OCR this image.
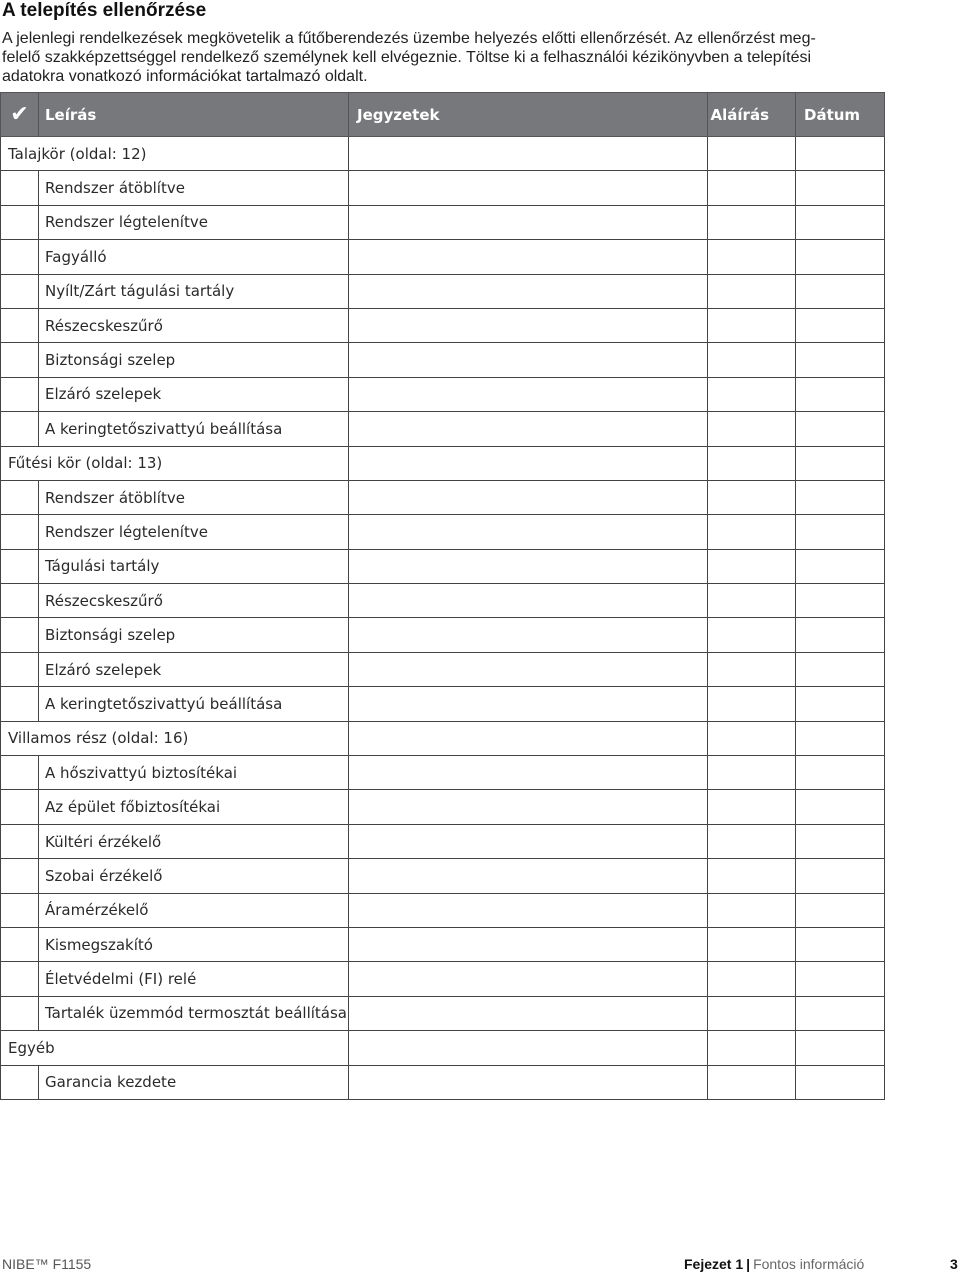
A telepítés ellenőrzése
A jelenlegi rendelkezések megkövetelik a fűtőberendezés üzembe helyezés előtti ellenőrzését. Az ellenőrzést meg-
felelő szakképzettséggel rendelkező személynek kell elvégeznie. Töltse ki a felhasználói kézikönyvben a telepítési
adatokra vonatkozó információkat tartalmazó oldalt.
✔	Leírás	Jegyzetek	Aláírás	Dátum
Talajkör (oldal: 12)				
	Rendszer átöblítve			
	Rendszer légtelenítve			
	Fagyálló			
	Nyílt/Zárt tágulási tartály			
	Részecskeszűrő			
	Biztonsági szelep			
	Elzáró szelepek			
	A keringtetőszivattyú beállítása			
Fűtési kör (oldal: 13)				
	Rendszer átöblítve			
	Rendszer légtelenítve			
	Tágulási tartály			
	Részecskeszűrő			
	Biztonsági szelep			
	Elzáró szelepek			
	A keringtetőszivattyú beállítása			
Villamos rész (oldal: 16)				
	A hőszivattyú biztosítékai			
	Az épület főbiztosítékai			
	Kültéri érzékelő			
	Szobai érzékelő			
	Áramérzékelő			
	Kismegszakító			
	Életvédelmi (FI) relé			
	Tartalék üzemmód termosztát beállítása			
Egyéb				
	Garancia kezdete			
NIBE™ F1155	Fejezet 1 | Fontos információ	3
